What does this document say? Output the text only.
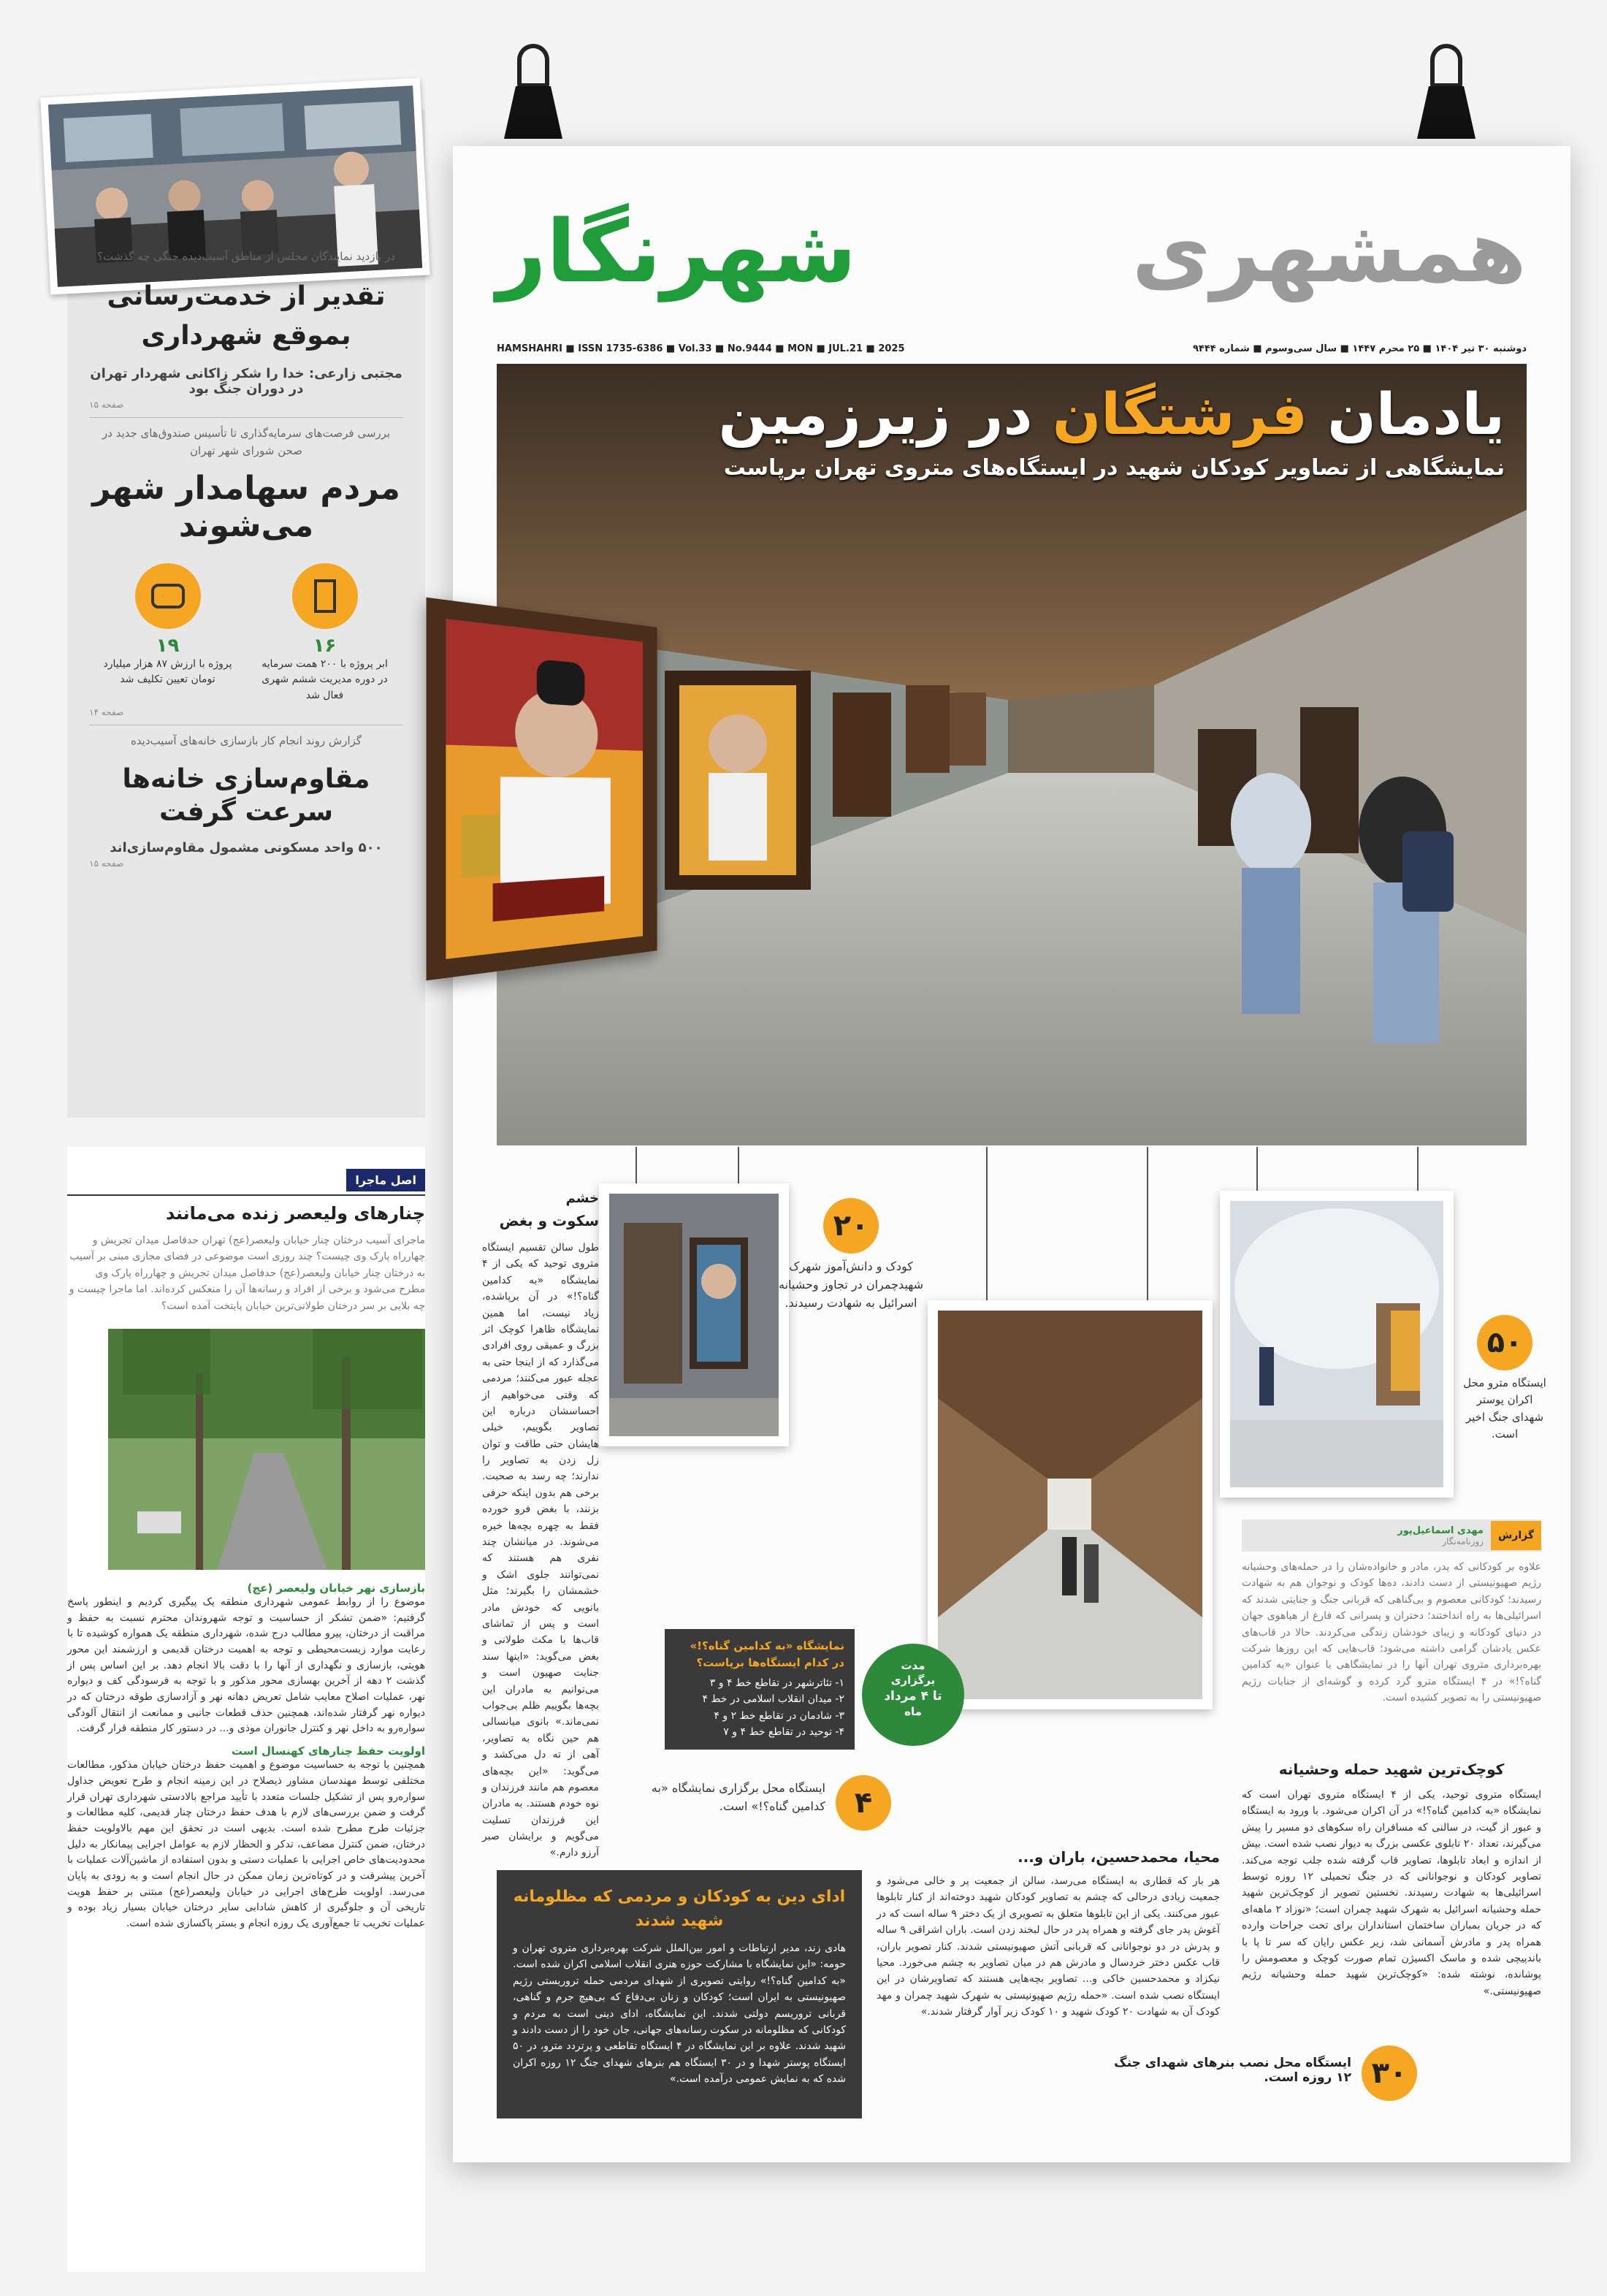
در بازدید نمایندگان مجلس از مناطق آسیب‌دیده جنگی چه گذشت؟
تقدیر از خدمت‌رسانی بموقع شهرداری
مجتبی زارعی: خدا را شکر زاکانی شهردار تهران در دوران جنگ بود
صفحه ۱۵
بررسی فرصت‌های سرمایه‌گذاری تا تأسیس صندوق‌های جدید در صحن شورای شهر تهران
مردم سهامدار شهر
می‌شوند
۱۶
ابر پروژه با ۲۰۰ همت سرمایه در دوره مدیریت ششم شهری فعال شد
۱۹
پروژه با ارزش ۸۷ هزار میلیارد تومان تعیین تکلیف شد
صفحه ۱۴
گزارش روند انجام کار بازسازی خانه‌های آسیب‌دیده
مقاوم‌سازی خانه‌ها
سرعت گرفت
۵۰۰ واحد مسکونی مشمول مقاوم‌سازی‌اند
صفحه ۱۵
اصل ماجرا
چنارهای ولیعصر زنده می‌مانند
ماجرای آسیب درختان چنار خیابان ولیعصر(عج) تهران حدفاصل میدان تجریش و چهارراه پارک وی چیست؟ چند روزی است موضوعی در فضای مجازی مبنی بر آسیب به درختان چنار خیابان ولیعصر(عج) حدفاصل میدان تجریش و چهارراه پارک وی مطرح می‌شود و برخی از افراد و رسانه‌ها آن را منعکس کرده‌اند. اما ماجرا چیست و چه بلایی بر سر درختان طولانی‌ترین خیابان پایتخت آمده است؟
بازسازی نهر خیابان ولیعصر (عج)
موضوع را از روابط عمومی شهرداری منطقه یک پیگیری کردیم و اینطور پاسخ گرفتیم: «ضمن تشکر از حساسیت و توجه شهروندان محترم نسبت به حفظ و مراقبت از درختان، پیرو مطالب درج شده، شهرداری منطقه یک همواره کوشیده تا با رعایت موارد زیست‌محیطی و توجه به اهمیت درختان قدیمی و ارزشمند این محور هویتی، بازسازی و نگهداری از آنها را با دقت بالا انجام دهد. بر این اساس پس از گذشت ۲ دهه از آخرین بهسازی محور مذکور و با توجه به فرسودگی کف و دیواره نهر، عملیات اصلاح معایب شامل تعریض دهانه نهر و آزادسازی طوقه درختان که در دیواره نهر گرفتار شده‌اند، همچنین حذف قطعات جانبی و ممانعت از انتقال آلودگی سواره‌رو به داخل نهر و کنترل جانوران موذی و... در دستور کار منطقه قرار گرفت.
اولویت حفظ چنارهای کهنسال است
همچنین با توجه به حساسیت موضوع و اهمیت حفظ درختان خیابان مذکور، مطالعات مختلفی توسط مهندسان مشاور ذیصلاح در این زمینه انجام و طرح تعویض جداول سواره‌رو پس از تشکیل جلسات متعدد با تأیید مراجع بالادستی شهرداری تهران قرار گرفت و ضمن بررسی‌های لازم با هدف حفظ درختان چنار قدیمی، کلیه مطالعات و جزئیات طرح مطرح شده است. بدیهی است در تحقق این مهم بالاولویت حفظ درختان، ضمن کنترل مضاعف، تدکر و الحظار لازم به عوامل اجرایی پیمانکار به دلیل محدودیت‌های خاص اجرایی با عملیات دستی و بدون استفاده از ماشین‌آلات عملیات با آخرین پیشرفت و در کوتاه‌ترین زمان ممکن در حال انجام است و به زودی به پایان می‌رسد. اولویت طرح‌های اجرایی در خیابان ولیعصر(عج) مبتنی بر حفظ هویت تاریخی آن و جلوگیری از کاهش شادابی سایر درختان خیابان بسیار زیاد بوده و عملیات تخریب تا جمع‌آوری یک روزه انجام و بستر پاکسازی شده است.
همشهری
شهرنگار
HAMSHAHRI ■ ISSN 1735-6386 ■ Vol.33 ■ No.9444 ■ MON ■ JUL.21 ■ 2025	دوشنبه ۳۰ تیر ۱۴۰۴ ■ ۲۵ محرم ۱۴۴۷ ■ سال سی‌وسوم ■ شماره ۹۴۴۴
یادمان فرشتگان در زیرزمین
نمایشگاهی از تصاویر کودکان شهید در ایستگاه‌های متروی تهران برپاست
۲۰
کودک و دانش‌آموز شهرک شهیدچمران در تجاوز وحشیانه اسرائیل به شهادت رسیدند.
۵۰
ایستگاه مترو محل اکران پوستر شهدای جنگ اخیر است.
خشم
سکوت و بغض
طول سالن تقسیم ایستگاه متروی توحید که یکی از ۴ نمایشگاه «به کدامین گناه؟!» در آن برپاشده، زیاد نیست، اما همین نمایشگاه ظاهرا کوچک اثر بزرگ و عمیقی روی افرادی می‌گذارد که از اینجا حتی به عجله عبور می‌کنند؛ مردمی که وقتی می‌خواهیم از احساسشان درباره این تصاویر بگوییم، خیلی هایشان حتی طاقت و توان زل زدن به تصاویر را ندارند؛ چه رسد به صحبت. برخی هم بدون اینکه حرفی بزنند، با بغض فرو خورده فقط به چهره بچه‌ها خیره می‌شوند. در میانشان چند نفری هم هستند که نمی‌توانند جلوی اشک و خشمشان را بگیرند؛ مثل بانویی که خودش مادر است و پس از تماشای قاب‌ها با مکث طولانی و بغض می‌گوید: «اینها سند جنایت صهیون است و می‌توانیم به مادران این بچه‌ها بگوییم ظلم بی‌جواب نمی‌ماند.» بانوی میانسالی هم حین نگاه به تصاویر، آهی از ته دل می‌کشد و می‌گوید: «این بچه‌های معصوم هم مانند فرزندان و نوه خودم هستند. به مادران این فرزندان تسلیت می‌گویم و برایشان صبر آرزو دارم.»
نمایشگاه «به کدامین گناه؟!» در کدام ایستگاه‌ها برپاست؟
۱- تئاترشهر در تقاطع خط ۴ و ۳
۲- میدان انقلاب اسلامی در خط ۴
۳- شادمان در تقاطع خط ۲ و ۴
۴- توحید در تقاطع خط ۴ و ۷
مدت
برگزاری
تا ۴ مرداد
ماه
۴
ایستگاه محل برگزاری نمایشگاه «به کدامین گناه؟!» است.
گزارش
مهدی اسماعیل‌پور
روزنامه‌نگار
علاوه بر کودکانی که پدر، مادر و خانواده‌شان را در حمله‌های وحشیانه رژیم صهیونیستی از دست دادند، ده‌ها کودک و نوجوان هم به شهادت رسیدند؛ کودکانی معصوم و بی‌گناهی که قربانی جنگ و جنایتی شدند که اسرائیلی‌ها به راه انداختند؛ دختران و پسرانی که فارغ از هیاهوی جهان در دنیای کودکانه و زیبای خودشان زندگی می‌کردند. حالا در قاب‌های عکس یادشان گرامی داشته می‌شود؛ قاب‌هایی که این روزها شرکت بهره‌برداری متروی تهران آنها را در نمایشگاهی با عنوان «به کدامین گناه؟!» در ۴ ایستگاه مترو گرد کرده و گوشه‌ای از جنایات رژیم صهیونیستی را به تصویر کشیده است.
کوچک‌ترین شهید حمله وحشیانه
ایستگاه متروی توحید، یکی از ۴ ایستگاه متروی تهران است که نمایشگاه «به کدامین گناه؟!» در آن اکران می‌شود. با ورود به ایستگاه و عبور از گیت، در سالنی که مسافران راه سکوهای دو مسیر را پیش می‌گیرند، تعداد ۲۰ تابلوی عکسی بزرگ به دیوار نصب شده است. بیش از اندازه و ابعاد تابلوها، تصاویر قاب گرفته شده جلب توجه می‌کند. تصاویر کودکان و نوجوانانی که در جنگ تحمیلی ۱۲ روزه توسط اسرائیلی‌ها به شهادت رسیدند. نخستین تصویر از کوچک‌ترین شهید حمله وحشیانه اسرائیل به شهرک شهید چمران است؛ «نوزاد ۲ ماهه‌ای که در جریان بمباران ساختمان استانداران برای تحت جراحات وارده همراه پدر و مادرش آسمانی شد، زیر عکس رایان که سر تا پا با باندپیچی شده و ماسک اکسیژن تمام صورت کوچک و معصومش را پوشانده، نوشته شده: «کوچک‌ترین شهید حمله وحشیانه رژیم صهیونیستی.»
محیا، محمدحسین، باران و...
هر بار که قطاری به ایستگاه می‌رسد، سالن از جمعیت پر و خالی می‌شود و جمعیت زیادی درحالی که چشم به تصاویر کودکان شهید دوخته‌اند از کنار تابلوها عبور می‌کنند. یکی از این تابلوها متعلق به تصویری از یک دختر ۹ ساله است که در آغوش پدر جای گرفته و همراه پدر در حال لبخند زدن است. باران اشراقی ۹ ساله و پدرش در دو نوجوانانی که قربانی آتش صهیونیستی شدند. کنار تصویر باران، قاب عکس دختر خردسال و مادرش هم در میان تصاویر به چشم می‌خورد. محیا نیکزاد و محمدحسین خاکی و... تصاویر بچه‌هایی هستند که تصاویرشان در این ایستگاه نصب شده است. «حمله رژیم صهیونیستی به شهرک شهید چمران و مهد کودک آن به شهادت ۲۰ کودک شهید و ۱۰ کودک زیر آوار گرفتار شدند.»
ادای دین به کودکان و مردمی که مظلومانه شهید شدند
هادی زند، مدیر ارتباطات و امور بین‌الملل شرکت بهره‌برداری متروی تهران و حومه: «این نمایشگاه با مشارکت حوزه هنری انقلاب اسلامی اکران شده است. «به کدامین گناه؟!» روایتی تصویری از شهدای مردمی حمله تروریستی رژیم صهیونیستی به ایران است؛ کودکان و زنان بی‌دفاع که بی‌هیچ جرم و گناهی، قربانی تروریسم دولتی شدند. این نمایشگاه، ادای دینی است به مردم و کودکانی که مظلومانه در سکوت رسانه‌های جهانی، جان خود را از دست دادند و شهید شدند. علاوه بر این نمایشگاه در ۴ ایستگاه تقاطعی و پرتردد مترو، در ۵۰ ایستگاه پوستر شهدا و در ۳۰ ایستگاه هم بنرهای شهدای جنگ ۱۲ روزه اکران شده که به نمایش عمومی درآمده است.»	۳۰
ایستگاه محل نصب بنرهای شهدای جنگ ۱۲ روزه است.
